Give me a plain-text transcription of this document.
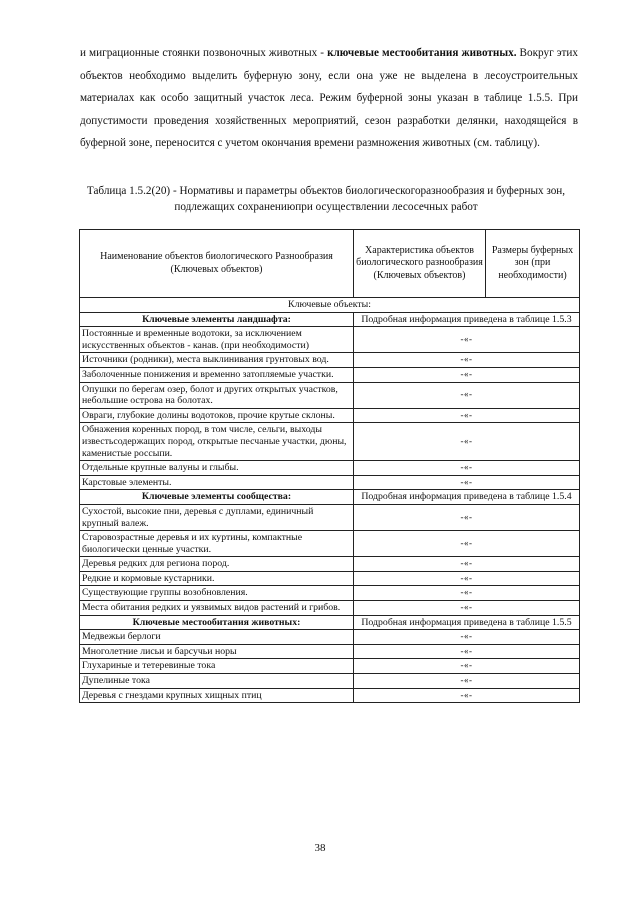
и миграционные стоянки позвоночных животных - ключевые местообитания животных. Вокруг этих объектов необходимо выделить буферную зону, если она уже не выделена в лесоустроительных материалах как особо защитный участок леса. Режим буферной зоны указан в таблице 1.5.5. При допустимости проведения хозяйственных мероприятий, сезон разработки делянки, находящейся в буферной зоне, переносится с учетом окончания времени размножения животных (см. таблицу).
Таблица 1.5.2(20) - Нормативы и параметры объектов биологическогоразнообразия и буферных зон, подлежащих сохранениюпри осуществлении лесосечных работ
Наименование объектов биологического Разнообразия (Ключевых объектов)	Характеристика объектов биологического разнообразия (Ключевых объектов)	Размеры буферных зон (при необходимости)
Ключевые объекты:		
Ключевые элементы ландшафта:	Подробная информация приведена в таблице 1.5.3	
Постоянные и временные водотоки, за исключением искусственных объектов - канав. (при необходимости)	-«-	
Источники (родники), места выклинивания грунтовых вод.	-«-	
Заболоченные понижения и временно затопляемые участки.	-«-	
Опушки по берегам озер, болот и других открытых участков, небольшие острова на болотах.	-«-	
Овраги, глубокие долины водотоков, прочие крутые склоны.	-«-	
Обнажения коренных пород, в том числе, сельги, выходы известьсодержащих пород, открытые песчаные участки, дюны, каменистые россыпи.	-«-	
Отдельные крупные валуны и глыбы.	-«-	
Карстовые элементы.	-«-	
Ключевые элементы сообщества:	Подробная информация приведена в таблице 1.5.4	
Сухостой, высокие пни, деревья с дуплами, единичный крупный валеж.	-«-	
Старовозрастные деревья и их куртины, компактные биологически ценные участки.	-«-	
Деревья редких для региона пород.	-«-	
Редкие и кормовые кустарники.	-«-	
Существующие группы возобновления.	-«-	
Места обитания редких и уязвимых видов растений и грибов.	-«-	
Ключевые местообитания животных:	Подробная информация приведена в таблице 1.5.5	
Медвежьи берлоги	-«-	
Многолетние лисьи и барсучьи норы	-«-	
Глухариные и тетеревиные тока	-«-	
Дупелиные тока	-«-	
Деревья с гнездами крупных хищных птиц	-«-	
38
